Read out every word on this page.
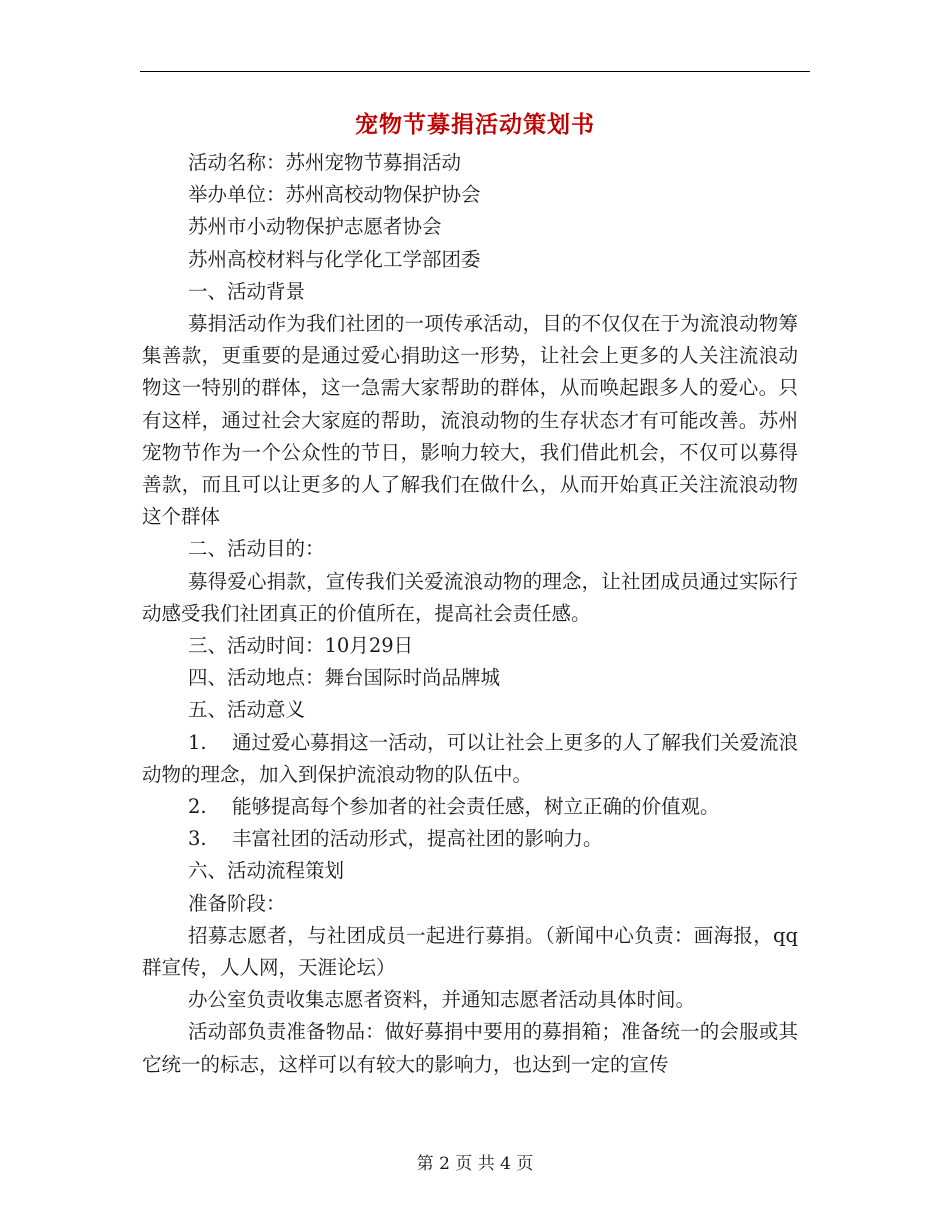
宠物节募捐活动策划书

活动名称：苏州宠物节募捐活动

举办单位：苏州高校动物保护协会

苏州市小动物保护志愿者协会

苏州高校材料与化学化工学部团委

一、活动背景

募捐活动作为我们社团的一项传承活动，目的不仅仅在于为流浪动物筹集善款，更重要的是通过爱心捐助这一形势，让社会上更多的人关注流浪动物这一特别的群体，这一急需大家帮助的群体，从而唤起跟多人的爱心。只有这样，通过社会大家庭的帮助，流浪动物的生存状态才有可能改善。苏州宠物节作为一个公众性的节日，影响力较大，我们借此机会，不仅可以募得善款，而且可以让更多的人了解我们在做什么，从而开始真正关注流浪动物这个群体

二、活动目的：

募得爱心捐款，宣传我们关爱流浪动物的理念，让社团成员通过实际行动感受我们社团真正的价值所在，提高社会责任感。

三、活动时间：10月29日

四、活动地点：舞台国际时尚品牌城

五、活动意义

1. 通过爱心募捐这一活动，可以让社会上更多的人了解我们关爱流浪动物的理念，加入到保护流浪动物的队伍中。

2. 能够提高每个参加者的社会责任感，树立正确的价值观。

3. 丰富社团的活动形式，提高社团的影响力。

六、活动流程策划

准备阶段：

招募志愿者，与社团成员一起进行募捐。（新闻中心负责：画海报，qq群宣传，人人网，天涯论坛）

办公室负责收集志愿者资料，并通知志愿者活动具体时间。

活动部负责准备物品：做好募捐中要用的募捐箱；准备统一的会服或其它统一的标志，这样可以有较大的影响力，也达到一定的宣传

第 2 页 共 4 页
